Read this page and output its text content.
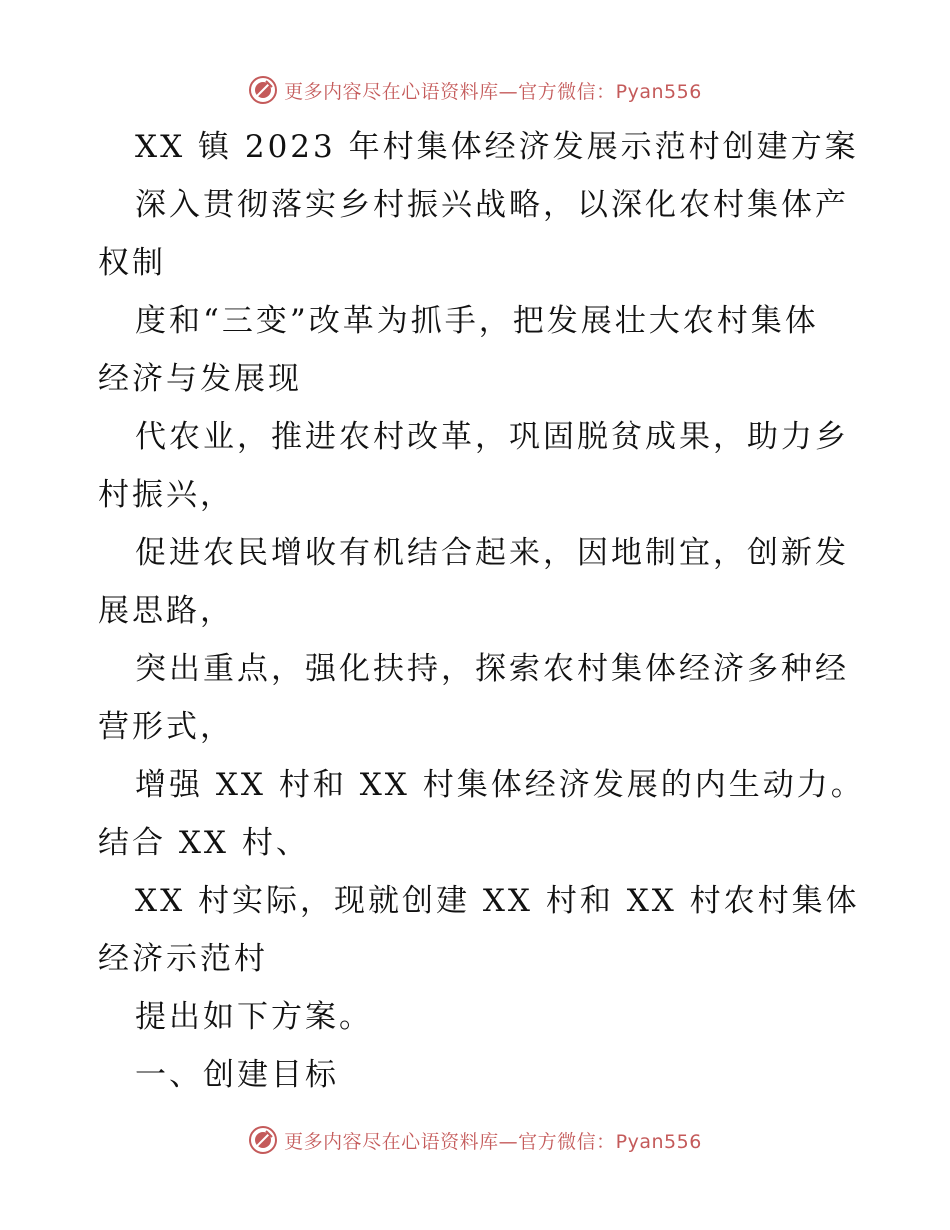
更多内容尽在心语资料库—官方微信：Pyan556
XX 镇 2023 年村集体经济发展示范村创建方案
深入贯彻落实乡村振兴战略，以深化农村集体产
权制
度和“三变”改革为抓手，把发展壮大农村集体
经济与发展现
代农业，推进农村改革，巩固脱贫成果，助力乡
村振兴，
促进农民增收有机结合起来，因地制宜，创新发
展思路，
突出重点，强化扶持，探索农村集体经济多种经
营形式，
增强 XX 村和 XX 村集体经济发展的内生动力。
结合 XX 村、
XX 村实际，现就创建 XX 村和 XX 村农村集体
经济示范村
提出如下方案。
一、创建目标
更多内容尽在心语资料库—官方微信：Pyan556
